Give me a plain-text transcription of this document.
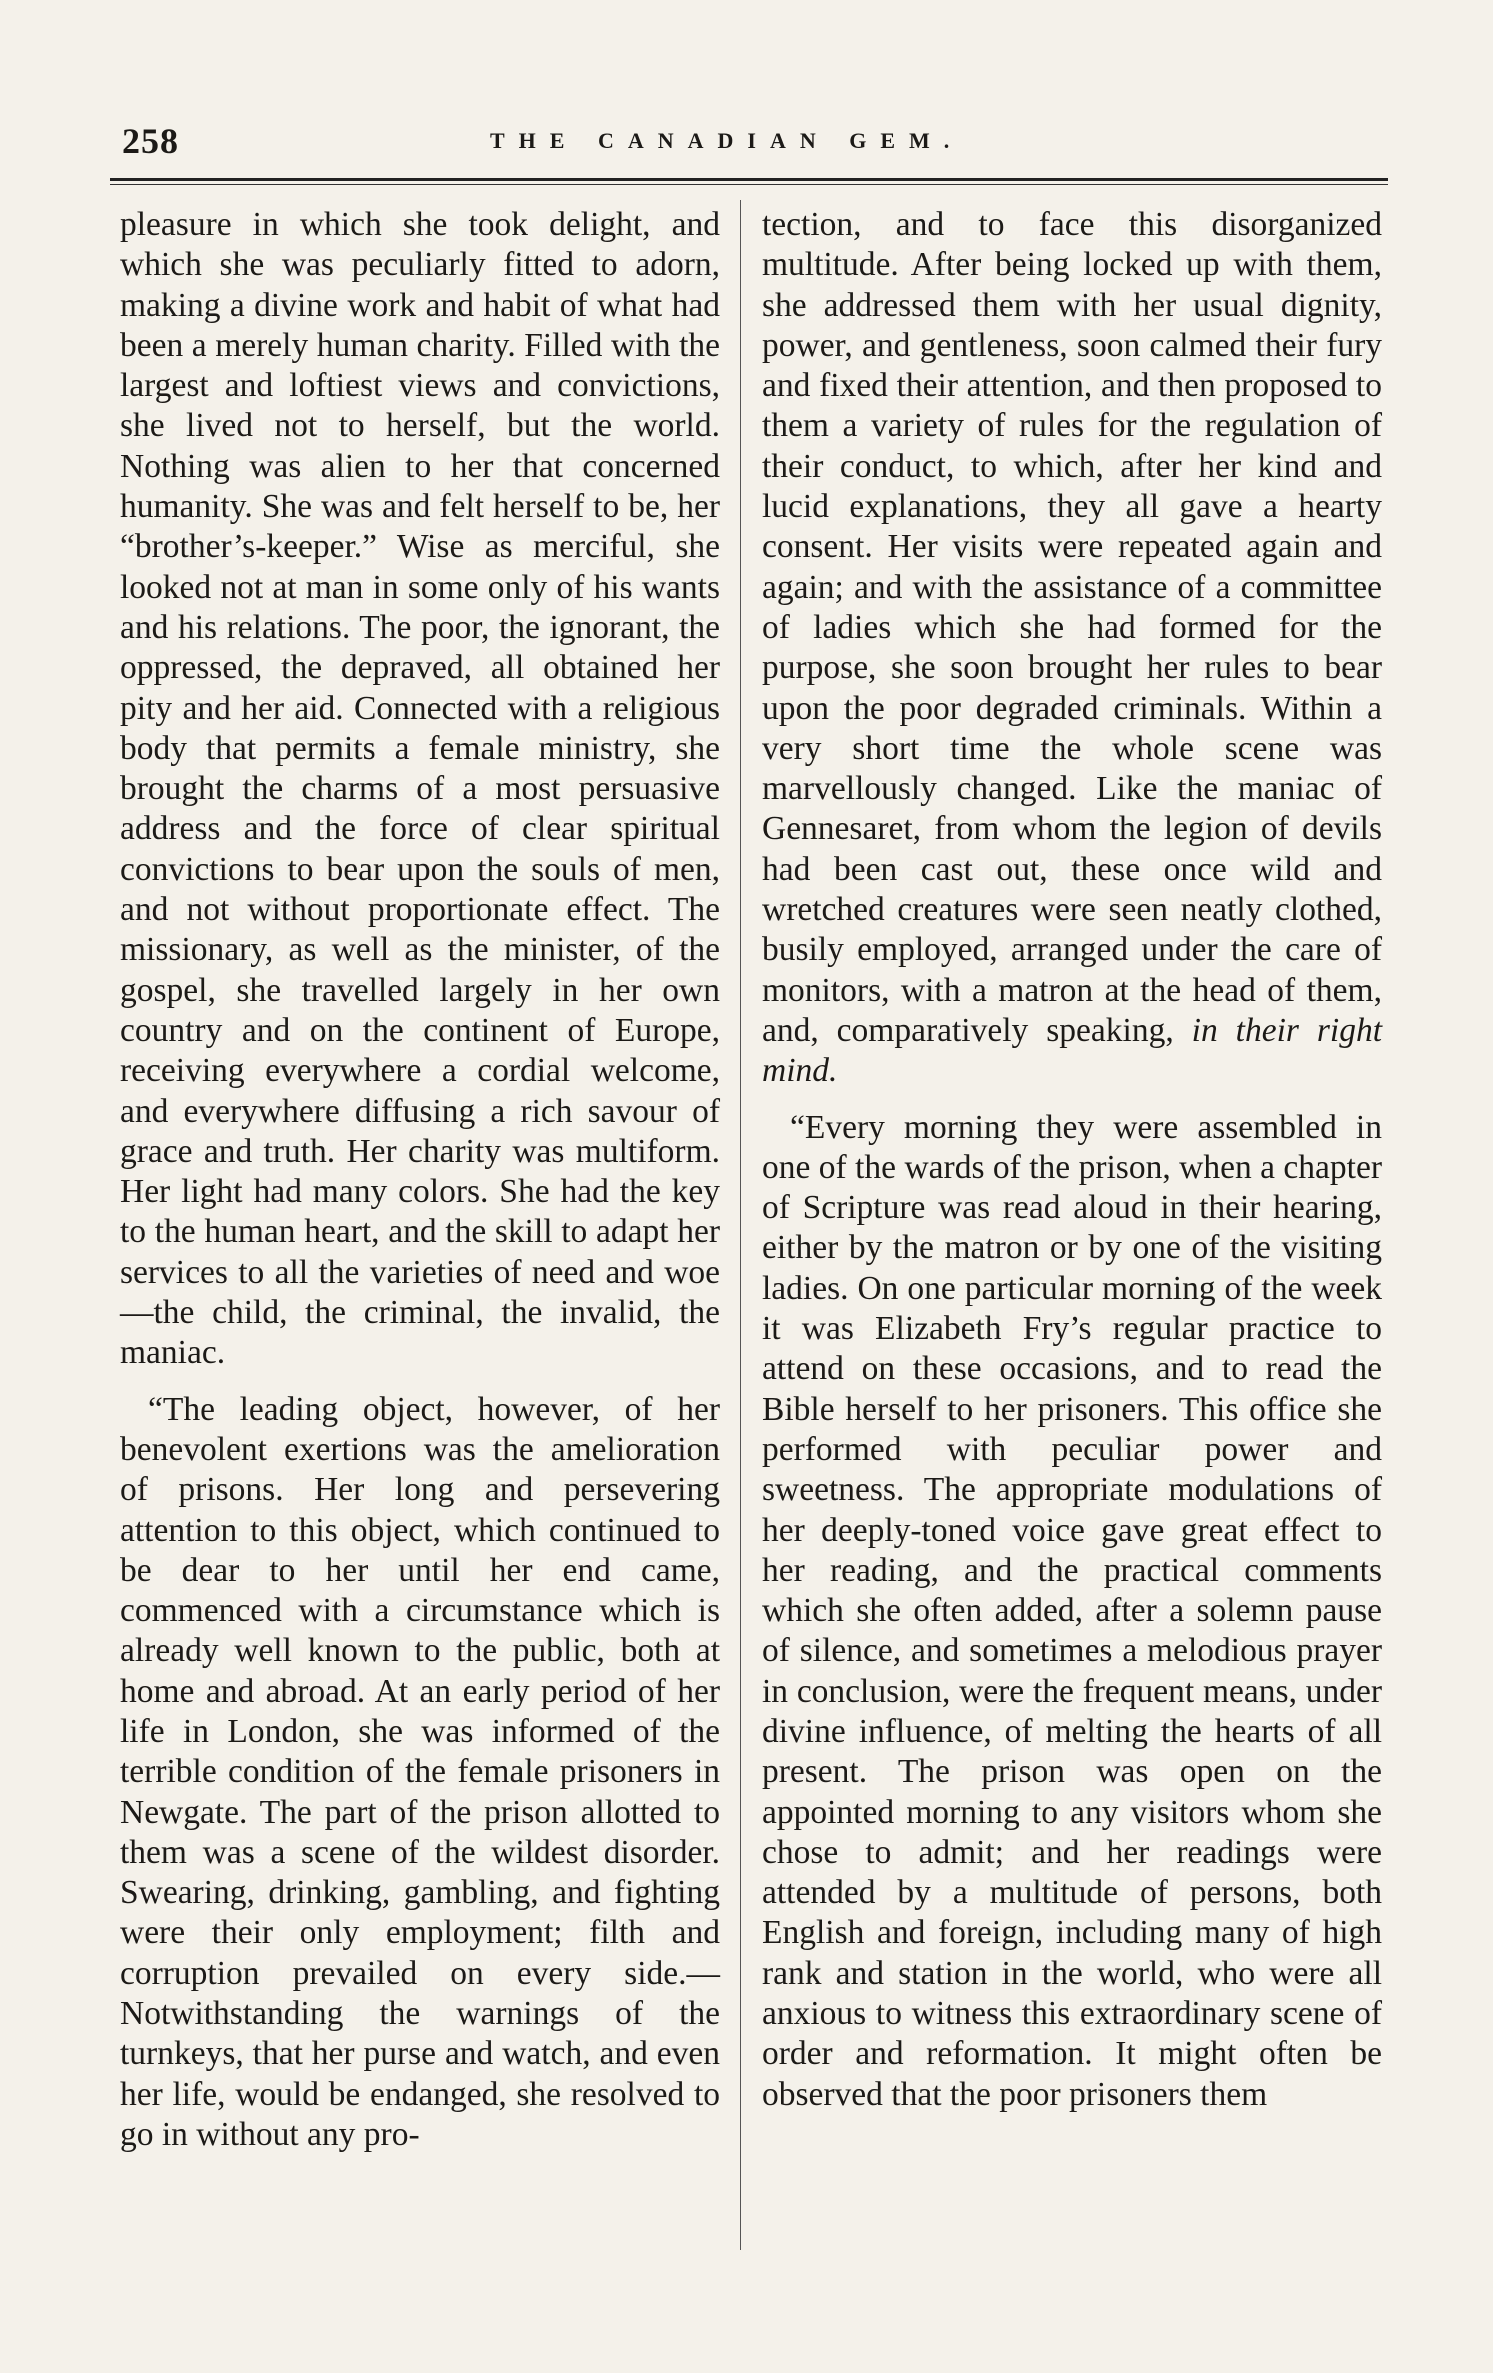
258	THE CANADIAN GEM.

pleasure in which she took delight, and which she was peculiarly fitted to adorn, making a divine work and habit of what had been a merely human charity. Filled with the largest and loftiest views and convictions, she lived not to herself, but the world. Nothing was alien to her that concerned humanity. She was and felt herself to be, her “brother’s-keeper.” Wise as merciful, she looked not at man in some only of his wants and his relations. The poor, the ignorant, the oppressed, the depraved, all obtained her pity and her aid. Connected with a religious body that permits a female ministry, she brought the charms of a most persuasive address and the force of clear spiritual convictions to bear upon the souls of men, and not without proportionate effect. The missionary, as well as the minister, of the gospel, she travelled largely in her own country and on the continent of Europe, receiving everywhere a cordial welcome, and everywhere diffusing a rich savour of grace and truth. Her charity was multiform. Her light had many colors. She had the key to the human heart, and the skill to adapt her services to all the varieties of need and woe—the child, the criminal, the invalid, the maniac.

“The leading object, however, of her benevolent exertions was the amelioration of prisons. Her long and persevering attention to this object, which continued to be dear to her until her end came, commenced with a circumstance which is already well known to the public, both at home and abroad. At an early period of her life in London, she was informed of the terrible condition of the female prisoners in Newgate. The part of the prison allotted to them was a scene of the wildest disorder. Swearing, drinking, gambling, and fighting were their only employment; filth and corruption prevailed on every side.—Notwithstanding the warnings of the turnkeys, that her purse and watch, and even her life, would be endanged, she resolved to go in without any pro-

tection, and to face this disorganized multitude. After being locked up with them, she addressed them with her usual dignity, power, and gentleness, soon calmed their fury and fixed their attention, and then proposed to them a variety of rules for the regulation of their conduct, to which, after her kind and lucid explanations, they all gave a hearty consent. Her visits were repeated again and again; and with the assistance of a committee of ladies which she had formed for the purpose, she soon brought her rules to bear upon the poor degraded criminals. Within a very short time the whole scene was marvellously changed. Like the maniac of Gennesaret, from whom the legion of devils had been cast out, these once wild and wretched creatures were seen neatly clothed, busily employed, arranged under the care of monitors, with a matron at the head of them, and, comparatively speaking, in their right mind.

“Every morning they were assembled in one of the wards of the prison, when a chapter of Scripture was read aloud in their hearing, either by the matron or by one of the visiting ladies. On one particular morning of the week it was Elizabeth Fry’s regular practice to attend on these occasions, and to read the Bible herself to her prisoners. This office she performed with peculiar power and sweetness. The appropriate modulations of her deeply-toned voice gave great effect to her reading, and the practical comments which she often added, after a solemn pause of silence, and sometimes a melodious prayer in conclusion, were the frequent means, under divine influence, of melting the hearts of all present. The prison was open on the appointed morning to any visitors whom she chose to admit; and her readings were attended by a multitude of persons, both English and foreign, including many of high rank and station in the world, who were all anxious to witness this extraordinary scene of order and reformation. It might often be observed that the poor prisoners them
